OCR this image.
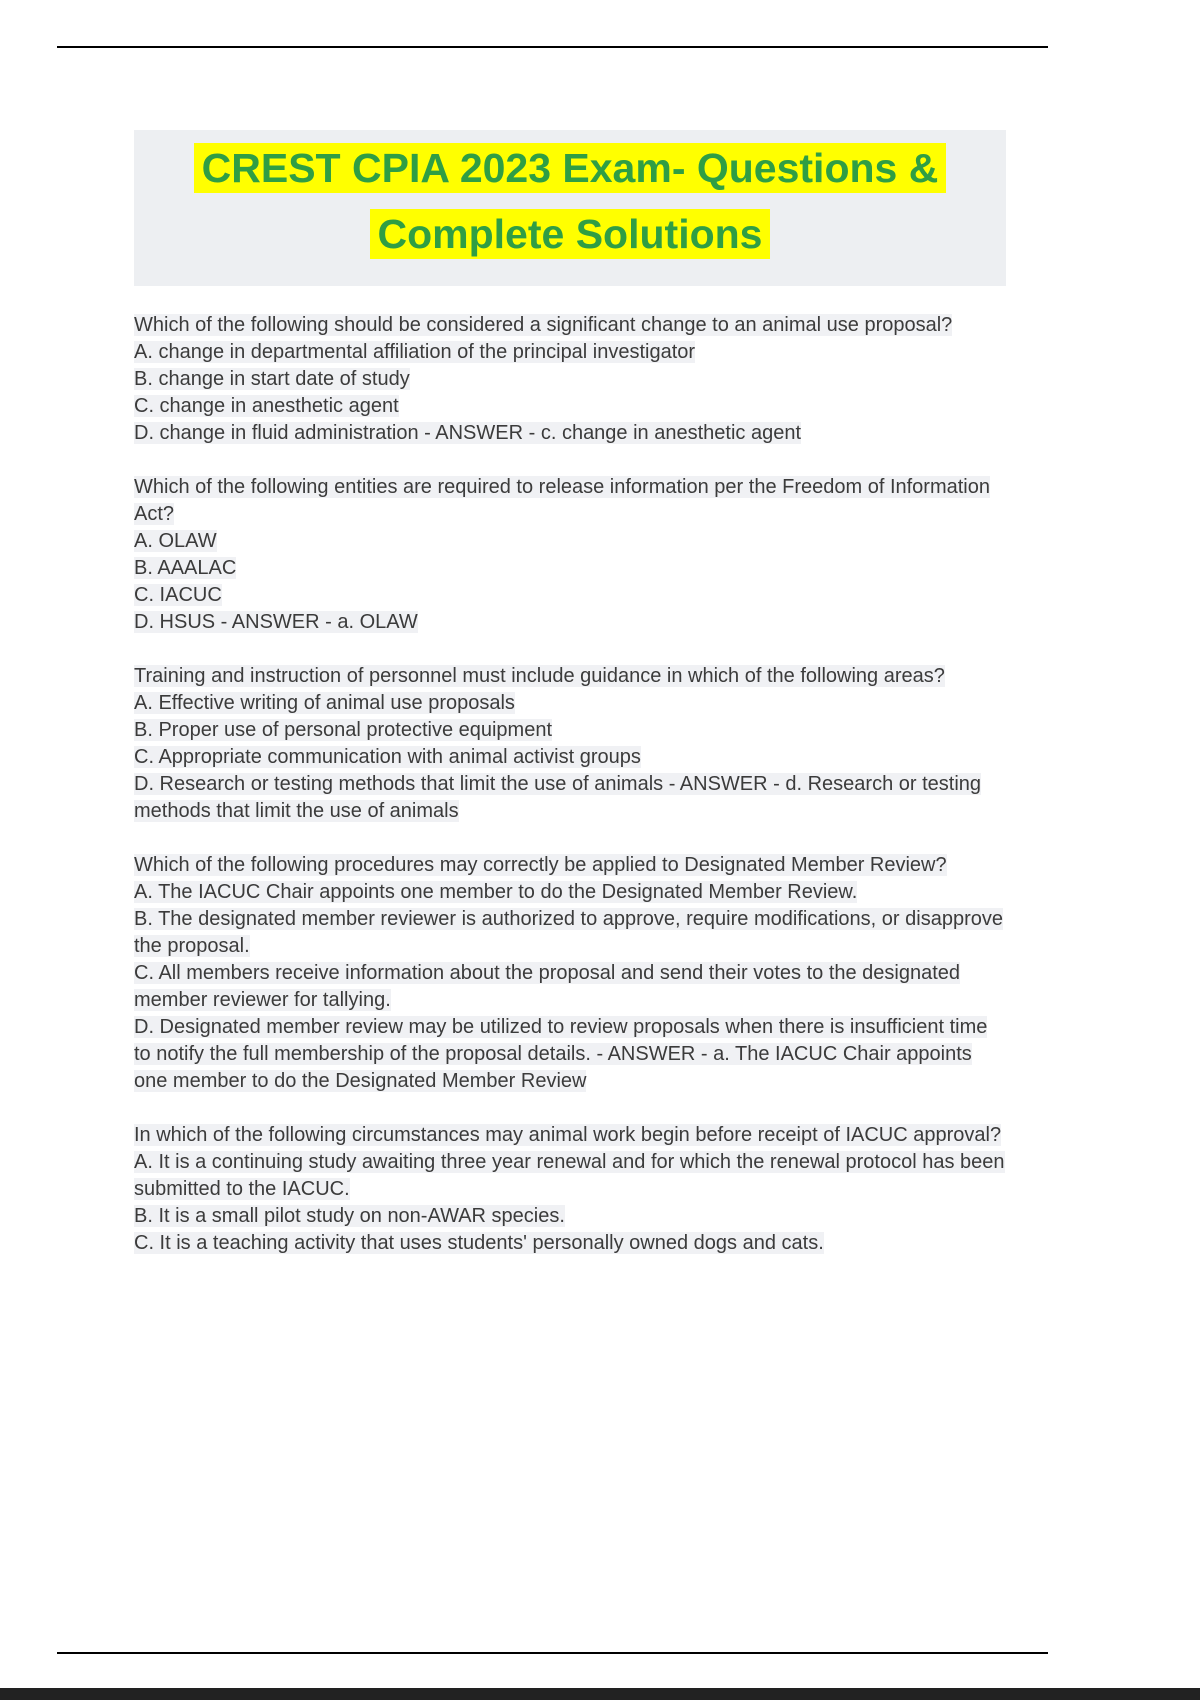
CREST CPIA 2023 Exam- Questions &
Complete Solutions
Which of the following should be considered a significant change to an animal use proposal?
A. change in departmental affiliation of the principal investigator
B. change in start date of study
C. change in anesthetic agent
D. change in fluid administration - ANSWER - c. change in anesthetic agent
Which of the following entities are required to release information per the Freedom of Information Act?
A. OLAW
B. AAALAC
C. IACUC
D. HSUS - ANSWER - a. OLAW
Training and instruction of personnel must include guidance in which of the following areas?
A. Effective writing of animal use proposals
B. Proper use of personal protective equipment
C. Appropriate communication with animal activist groups
D. Research or testing methods that limit the use of animals - ANSWER - d. Research or testing methods that limit the use of animals
Which of the following procedures may correctly be applied to Designated Member Review?
A. The IACUC Chair appoints one member to do the Designated Member Review.
B. The designated member reviewer is authorized to approve, require modifications, or disapprove the proposal.
C. All members receive information about the proposal and send their votes to the designated member reviewer for tallying.
D. Designated member review may be utilized to review proposals when there is insufficient time to notify the full membership of the proposal details. - ANSWER - a. The IACUC Chair appoints one member to do the Designated Member Review
In which of the following circumstances may animal work begin before receipt of IACUC approval?
A. It is a continuing study awaiting three year renewal and for which the renewal protocol has been submitted to the IACUC.
B. It is a small pilot study on non-AWAR species.
C. It is a teaching activity that uses students' personally owned dogs and cats.
